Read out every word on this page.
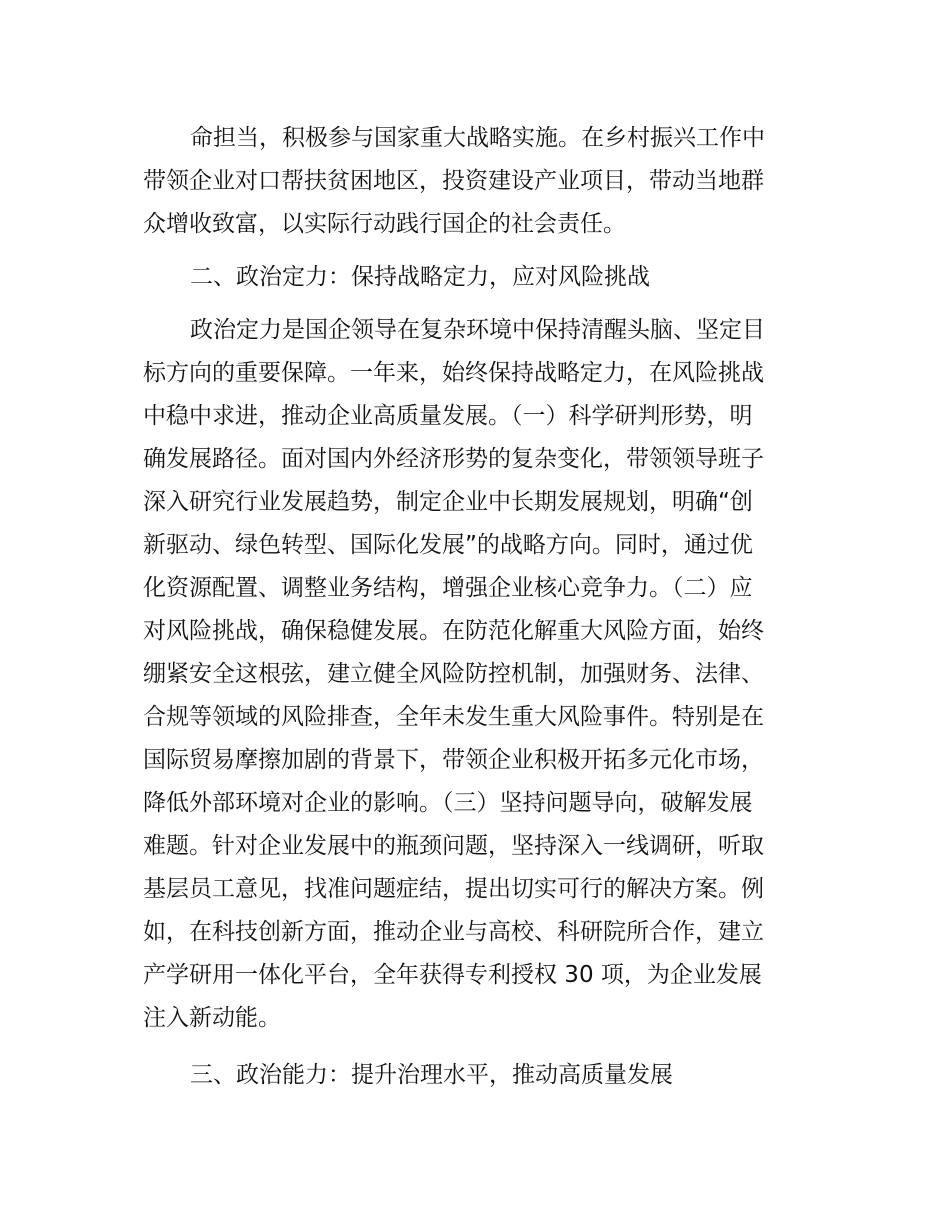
命担当，积极参与国家重大战略实施。在乡村振兴工作中
带领企业对口帮扶贫困地区，投资建设产业项目，带动当地群
众增收致富，以实际行动践行国企的社会责任。
二、政治定力：保持战略定力，应对风险挑战
政治定力是国企领导在复杂环境中保持清醒头脑、坚定目
标方向的重要保障。一年来，始终保持战略定力，在风险挑战
中稳中求进，推动企业高质量发展。（一）科学研判形势，明
确发展路径。面对国内外经济形势的复杂变化，带领领导班子
深入研究行业发展趋势，制定企业中长期发展规划，明确“创
新驱动、绿色转型、国际化发展”的战略方向。同时，通过优
化资源配置、调整业务结构，增强企业核心竞争力。（二）应
对风险挑战，确保稳健发展。在防范化解重大风险方面，始终
绷紧安全这根弦，建立健全风险防控机制，加强财务、法律、
合规等领域的风险排查，全年未发生重大风险事件。特别是在
国际贸易摩擦加剧的背景下，带领企业积极开拓多元化市场，
降低外部环境对企业的影响。（三）坚持问题导向，破解发展
难题。针对企业发展中的瓶颈问题，坚持深入一线调研，听取
基层员工意见，找准问题症结，提出切实可行的解决方案。例
如，在科技创新方面，推动企业与高校、科研院所合作，建立
产学研用一体化平台，全年获得专利授权 30 项，为企业发展
注入新动能。
三、政治能力：提升治理水平，推动高质量发展
